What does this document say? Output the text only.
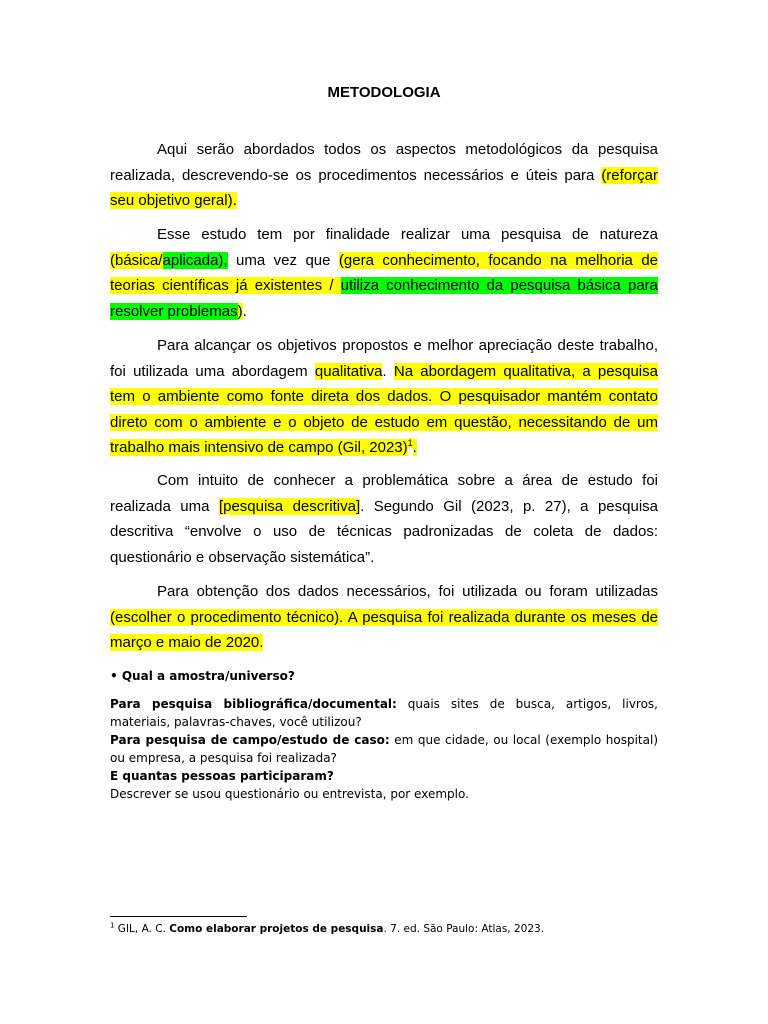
METODOLOGIA

Aqui serão abordados todos os aspectos metodológicos da pesquisa realizada, descrevendo-se os procedimentos necessários e úteis para (reforçar seu objetivo geral).

Esse estudo tem por finalidade realizar uma pesquisa de natureza (básica/aplicada), uma vez que (gera conhecimento, focando na melhoria de teorias científicas já existentes / utiliza conhecimento da pesquisa básica para resolver problemas).

Para alcançar os objetivos propostos e melhor apreciação deste trabalho, foi utilizada uma abordagem qualitativa. Na abordagem qualitativa, a pesquisa tem o ambiente como fonte direta dos dados. O pesquisador mantém contato direto com o ambiente e o objeto de estudo em questão, necessitando de um trabalho mais intensivo de campo (Gil, 2023)$^1$.

Com intuito de conhecer a problemática sobre a área de estudo foi realizada uma [pesquisa descritiva]. Segundo Gil (2023, p. 27), a pesquisa descritiva “envolve o uso de técnicas padronizadas de coleta de dados: questionário e observação sistemática”.

Para obtenção dos dados necessários, foi utilizada ou foram utilizadas (escolher o procedimento técnico). A pesquisa foi realizada durante os meses de março e maio de 2020.

• Qual a amostra/universo?

Para pesquisa bibliográfica/documental: quais sites de busca, artigos, livros, materiais, palavras-chaves, você utilizou?
Para pesquisa de campo/estudo de caso: em que cidade, ou local (exemplo hospital) ou empresa, a pesquisa foi realizada?
E quantas pessoas participaram?
Descrever se usou questionário ou entrevista, por exemplo.

$^1$ GIL, A. C. Como elaborar projetos de pesquisa. 7. ed. São Paulo: Atlas, 2023.
